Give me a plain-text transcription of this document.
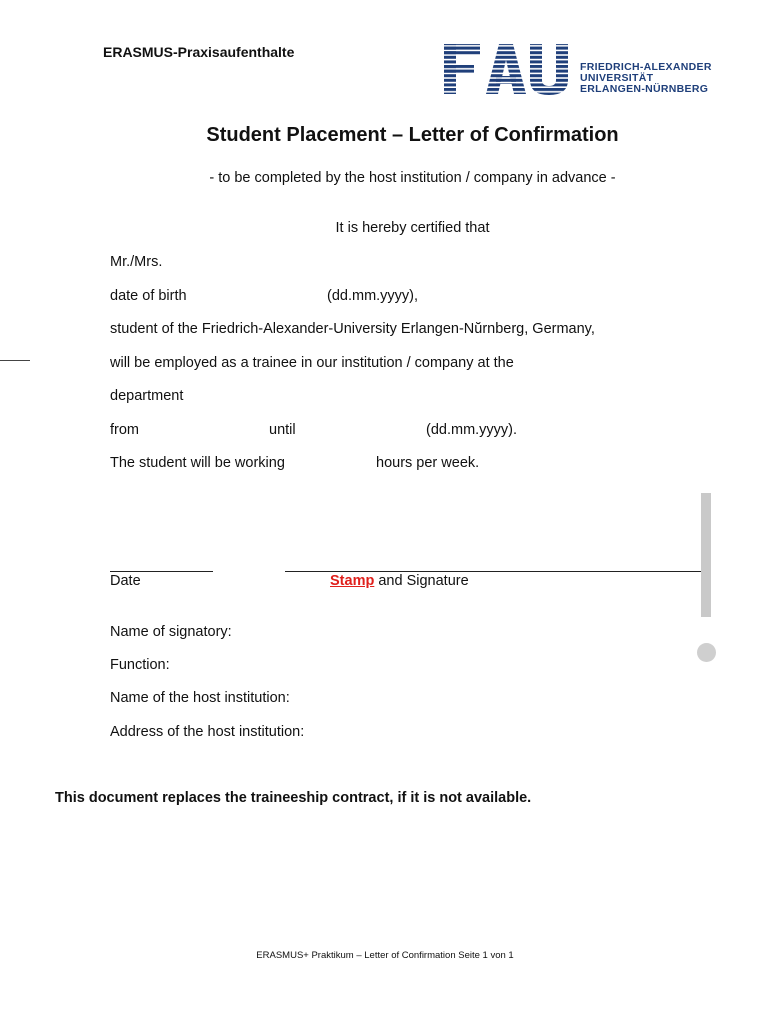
ERASMUS-Praxisaufenthalte
FRIEDRICH-ALEXANDER
UNIVERSITÄT
ERLANGEN-NÜRNBERG
Student Placement – Letter of Confirmation
- to be completed by the host institution / company in advance -
It is hereby certified that
Mr./Mrs.
date of birth	(dd.mm.yyyy),
student of the Friedrich-Alexander-University Erlangen-Nŭrnberg, Germany,
will be employed as a trainee in our institution / company at the
department
from	until	(dd.mm.yyyy).
The student will be working	hours per week.
Date	Stamp and Signature
Name of signatory:
Function:
Name of the host institution:
Address of the host institution:
This document replaces the traineeship contract, if it is not available.
ERASMUS+ Praktikum – Letter of Confirmation Seite 1 von 1
